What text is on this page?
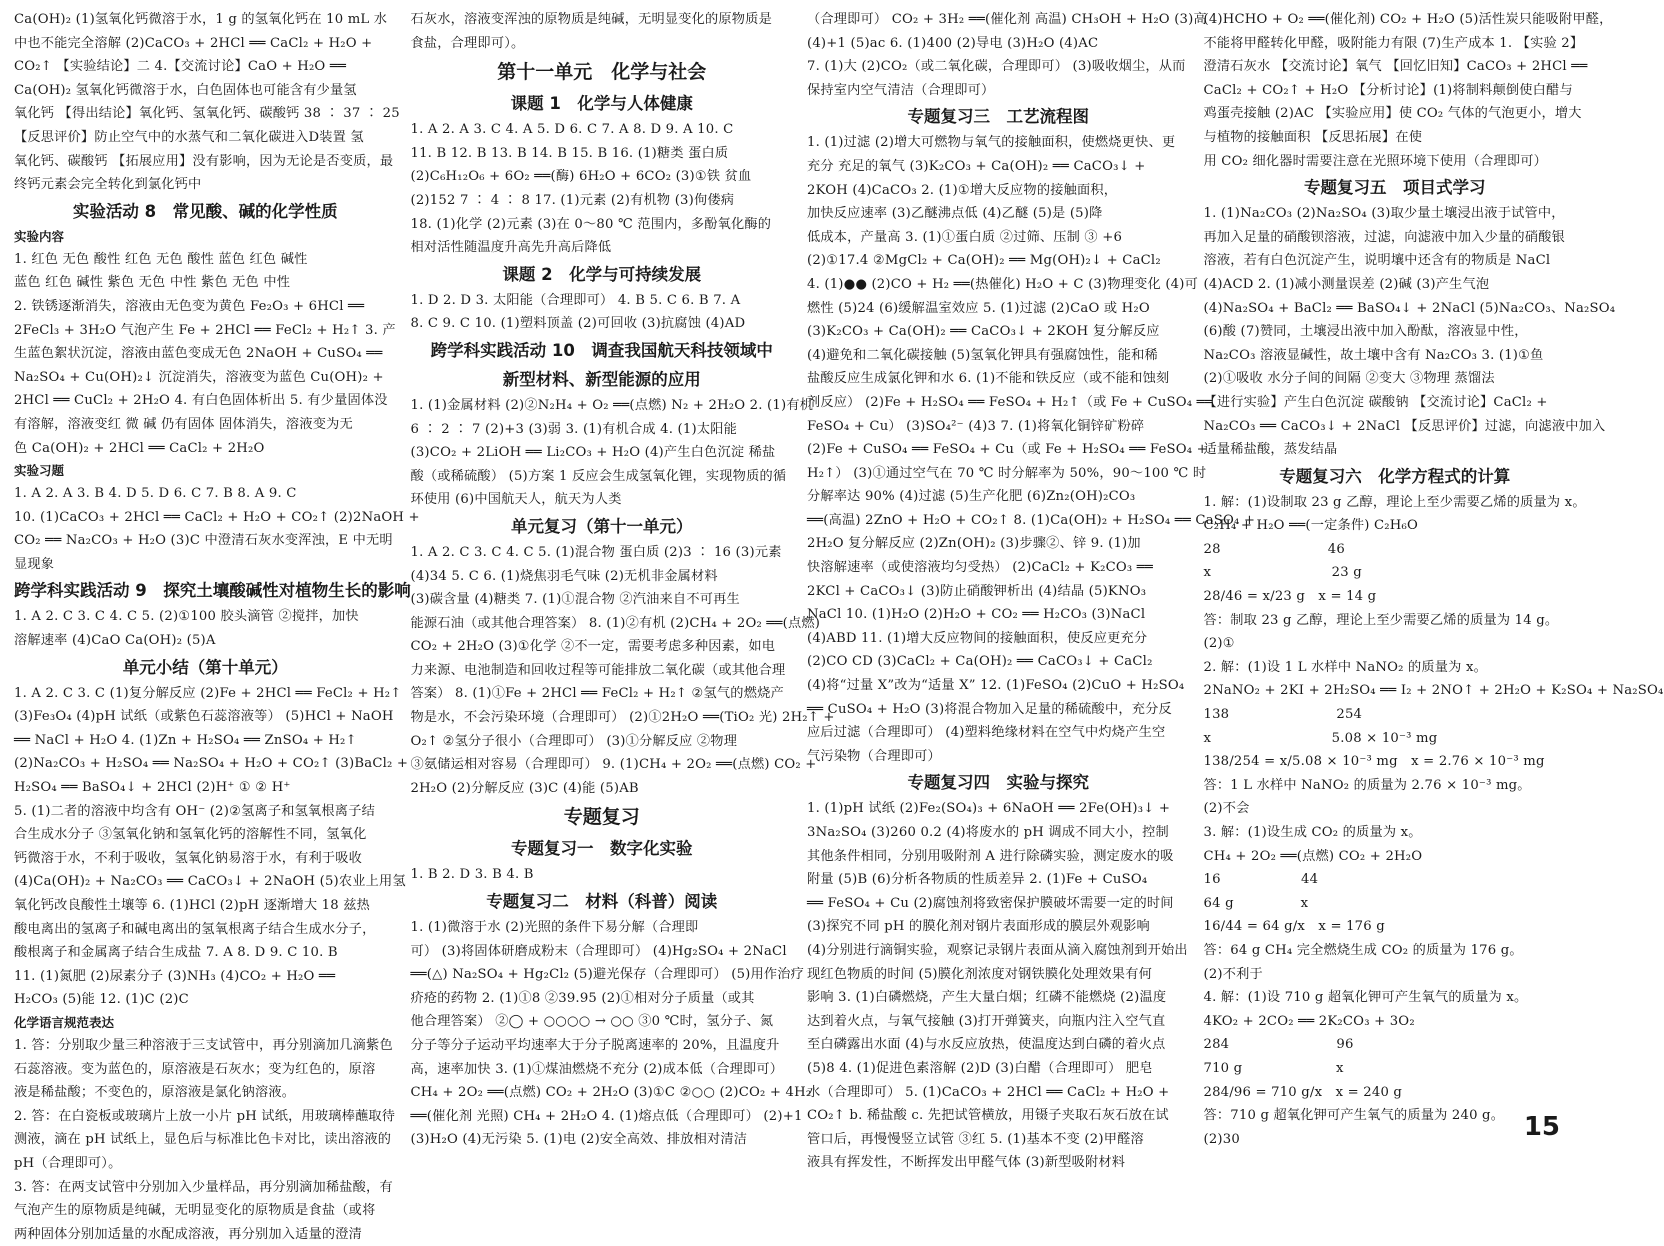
Ca(OH)₂ (1)氢氧化钙微溶于水，1 g 的氢氧化钙在 10 mL 水
中也不能完全溶解 (2)CaCO₃ + 2HCl ══ CaCl₂ + H₂O +
CO₂↑ 【实验结论】二 4.【交流讨论】CaO + H₂O ══
Ca(OH)₂ 氢氧化钙微溶于水，白色固体也可能含有少量氢
氧化钙 【得出结论】氧化钙、氢氧化钙、碳酸钙 38 ∶ 37 ∶ 25
【反思评价】防止空气中的水蒸气和二氧化碳进入D装置 氢
氧化钙、碳酸钙 【拓展应用】没有影响，因为无论是否变质，最
终钙元素会完全转化到氯化钙中
实验活动 8　常见酸、碱的化学性质
实验内容
1. 红色 无色 酸性 红色 无色 酸性 蓝色 红色 碱性
蓝色 红色 碱性 紫色 无色 中性 紫色 无色 中性
2. 铁锈逐渐消失，溶液由无色变为黄色 Fe₂O₃ + 6HCl ══
2FeCl₃ + 3H₂O 气泡产生 Fe + 2HCl ══ FeCl₂ + H₂↑ 3. 产
生蓝色絮状沉淀，溶液由蓝色变成无色 2NaOH + CuSO₄ ══
Na₂SO₄ + Cu(OH)₂↓ 沉淀消失，溶液变为蓝色 Cu(OH)₂ +
2HCl ══ CuCl₂ + 2H₂O 4. 有白色固体析出 5. 有少量固体没
有溶解，溶液变红 微 碱 仍有固体 固体消失，溶液变为无
色 Ca(OH)₂ + 2HCl ══ CaCl₂ + 2H₂O
实验习题
1. A 2. A 3. B 4. D 5. D 6. C 7. B 8. A 9. C
10. (1)CaCO₃ + 2HCl ══ CaCl₂ + H₂O + CO₂↑ (2)2NaOH +
CO₂ ══ Na₂CO₃ + H₂O (3)C 中澄清石灰水变浑浊，E 中无明
显现象
跨学科实践活动 9　探究土壤酸碱性对植物生长的影响
1. A 2. C 3. C 4. C 5. (2)①100 胶头滴管 ②搅拌，加快
溶解速率 (4)CaO Ca(OH)₂ (5)A
单元小结（第十单元）
1. A 2. C 3. C (1)复分解反应 (2)Fe + 2HCl ══ FeCl₂ + H₂↑
(3)Fe₃O₄ (4)pH 试纸（或紫色石蕊溶液等） (5)HCl + NaOH
══ NaCl + H₂O 4. (1)Zn + H₂SO₄ ══ ZnSO₄ + H₂↑
(2)Na₂CO₃ + H₂SO₄ ══ Na₂SO₄ + H₂O + CO₂↑ (3)BaCl₂ +
H₂SO₄ ══ BaSO₄↓ + 2HCl (2)H⁺ ① ② H⁺
5. (1)二者的溶液中均含有 OH⁻ (2)②氢离子和氢氧根离子结
合生成水分子 ③氢氧化钠和氢氧化钙的溶解性不同，氢氧化
钙微溶于水，不利于吸收，氢氧化钠易溶于水，有利于吸收
(4)Ca(OH)₂ + Na₂CO₃ ══ CaCO₃↓ + 2NaOH (5)农业上用氢
氧化钙改良酸性土壤等 6. (1)HCl (2)pH 逐渐增大 18 兹热
酸电离出的氢离子和碱电离出的氢氧根离子结合生成水分子，
酸根离子和金属离子结合生成盐 7. A 8. D 9. C 10. B
11. (1)氮肥 (2)尿素分子 (3)NH₃ (4)CO₂ + H₂O ══
H₂CO₃ (5)能 12. (1)C (2)C
化学语言规范表达
1. 答：分别取少量三种溶液于三支试管中，再分别滴加几滴紫色
石蕊溶液。变为蓝色的，原溶液是石灰水；变为红色的，原溶
液是稀盐酸；不变色的，原溶液是氯化钠溶液。
2. 答：在白瓷板或玻璃片上放一小片 pH 试纸，用玻璃棒蘸取待
测液，滴在 pH 试纸上，显色后与标准比色卡对比，读出溶液的
pH（合理即可）。
3. 答：在两支试管中分别加入少量样品，再分别滴加稀盐酸，有
气泡产生的原物质是纯碱，无明显变化的原物质是食盐（或将
两种固体分别加适量的水配成溶液，再分别加入适量的澄清
石灰水，溶液变浑浊的原物质是纯碱，无明显变化的原物质是
食盐，合理即可）。
第十一单元　化学与社会
课题 1　化学与人体健康
1. A 2. A 3. C 4. A 5. D 6. C 7. A 8. D 9. A 10. C
11. B 12. B 13. B 14. B 15. B 16. (1)糖类 蛋白质
(2)C₆H₁₂O₆ + 6O₂ ══(酶) 6H₂O + 6CO₂ (3)①铁 贫血
(2)152 7 ∶ 4 ∶ 8 17. (1)元素 (2)有机物 (3)佝偻病
18. (1)化学 (2)元素 (3)在 0～80 ℃ 范围内，多酚氧化酶的
相对活性随温度升高先升高后降低
课题 2　化学与可持续发展
1. D 2. D 3. 太阳能（合理即可） 4. B 5. C 6. B 7. A
8. C 9. C 10. (1)塑料顶盖 (2)可回收 (3)抗腐蚀 (4)AD
跨学科实践活动 10　调查我国航天科技领域中
新型材料、新型能源的应用
1. (1)金属材料 (2)②N₂H₄ + O₂ ══(点燃) N₂ + 2H₂O 2. (1)有机
6 ∶ 2 ∶ 7 (2)+3 (3)弱 3. (1)有机合成 4. (1)太阳能
(3)CO₂ + 2LiOH ══ Li₂CO₃ + H₂O (4)产生白色沉淀 稀盐
酸（或稀硫酸） (5)方案 1 反应会生成氢氧化锂，实现物质的循
环使用 (6)中国航天人，航天为人类
单元复习（第十一单元）
1. A 2. C 3. C 4. C 5. (1)混合物 蛋白质 (2)3 ∶ 16 (3)元素
(4)34 5. C 6. (1)烧焦羽毛气味 (2)无机非金属材料
(3)碳含量 (4)糖类 7. (1)①混合物 ②汽油来自不可再生
能源石油（或其他合理答案） 8. (1)②有机 (2)CH₄ + 2O₂ ══(点燃)
CO₂ + 2H₂O (3)①化学 ②不一定，需要考虑多种因素，如电
力来源、电池制造和回收过程等可能排放二氧化碳（或其他合理
答案） 8. (1)①Fe + 2HCl ══ FeCl₂ + H₂↑ ②氢气的燃烧产
物是水，不会污染环境（合理即可） (2)①2H₂O ══(TiO₂ 光) 2H₂↑ +
O₂↑ ②氢分子很小（合理即可） (3)①分解反应 ②物理
③氨储运相对容易（合理即可） 9. (1)CH₄ + 2O₂ ══(点燃) CO₂ +
2H₂O (2)分解反应 (3)C (4)能 (5)AB
专题复习
专题复习一　数字化实验
1. B 2. D 3. B 4. B
专题复习二　材料（科普）阅读
1. (1)微溶于水 (2)光照的条件下易分解（合理即
可） (3)将固体研磨成粉末（合理即可） (4)Hg₂SO₄ + 2NaCl
══(△) Na₂SO₄ + Hg₂Cl₂ (5)避光保存（合理即可） (5)用作治疗
疥疮的药物 2. (1)①8 ②39.95 (2)①相对分子质量（或其
他合理答案） ②◯ + ○○○○ → ○○ ③0 ℃时，氢分子、氮
分子等分子运动平均速率大于分子脱离速率的 20%，且温度升
高，速率加快 3. (1)①煤油燃烧不充分 (2)成本低（合理即可）
CH₄ + 2O₂ ══(点燃) CO₂ + 2H₂O (3)①C ②○○ (2)CO₂ + 4H₂
══(催化剂 光照) CH₄ + 2H₂O 4. (1)熔点低（合理即可） (2)+1
(3)H₂O (4)无污染 5. (1)电 (2)安全高效、排放相对清洁
（合理即可） CO₂ + 3H₂ ══(催化剂 高温) CH₃OH + H₂O (3)高
(4)+1 (5)ac 6. (1)400 (2)导电 (3)H₂O (4)AC
7. (1)大 (2)CO₂（或二氧化碳，合理即可） (3)吸收烟尘，从而
保持室内空气清洁（合理即可）
专题复习三　工艺流程图
1. (1)过滤 (2)增大可燃物与氧气的接触面积，使燃烧更快、更
充分 充足的氧气 (3)K₂CO₃ + Ca(OH)₂ ══ CaCO₃↓ +
2KOH (4)CaCO₃ 2. (1)①增大反应物的接触面积，
加快反应速率 (3)乙醚沸点低 (4)乙醚 (5)是 (5)降
低成本，产量高 3. (1)①蛋白质 ②过筛、压制 ③ +6
(2)①17.4 ②MgCl₂ + Ca(OH)₂ ══ Mg(OH)₂↓ + CaCl₂
4. (1)●● (2)CO + H₂ ══(热催化) H₂O + C (3)物理变化 (4)可
燃性 (5)24 (6)缓解温室效应 5. (1)过滤 (2)CaO 或 H₂O
(3)K₂CO₃ + Ca(OH)₂ ══ CaCO₃↓ + 2KOH 复分解反应
(4)避免和二氧化碳接触 (5)氢氧化钾具有强腐蚀性，能和稀
盐酸反应生成氯化钾和水 6. (1)不能和铁反应（或不能和蚀刻
剂反应） (2)Fe + H₂SO₄ ══ FeSO₄ + H₂↑（或 Fe + CuSO₄ ══
FeSO₄ + Cu） (3)SO₄²⁻ (4)3 7. (1)将氧化铜锌矿粉碎
(2)Fe + CuSO₄ ══ FeSO₄ + Cu（或 Fe + H₂SO₄ ══ FeSO₄ +
H₂↑） (3)①通过空气在 70 ℃ 时分解率为 50%，90～100 ℃ 时
分解率达 90% (4)过滤 (5)生产化肥 (6)Zn₂(OH)₂CO₃
══(高温) 2ZnO + H₂O + CO₂↑ 8. (1)Ca(OH)₂ + H₂SO₄ ══ CaSO₄ +
2H₂O 复分解反应 (2)Zn(OH)₂ (3)步骤②、锌 9. (1)加
快溶解速率（或使溶液均匀受热） (2)CaCl₂ + K₂CO₃ ══
2KCl + CaCO₃↓ (3)防止硝酸钾析出 (4)结晶 (5)KNO₃
NaCl 10. (1)H₂O (2)H₂O + CO₂ ══ H₂CO₃ (3)NaCl
(4)ABD 11. (1)增大反应物间的接触面积，使反应更充分
(2)CO CD (3)CaCl₂ + Ca(OH)₂ ══ CaCO₃↓ + CaCl₂
(4)将“过量 X”改为“适量 X” 12. (1)FeSO₄ (2)CuO + H₂SO₄
══ CuSO₄ + H₂O (3)将混合物加入足量的稀硫酸中，充分反
应后过滤（合理即可） (4)塑料绝缘材料在空气中灼烧产生空
气污染物（合理即可）
专题复习四　实验与探究
1. (1)pH 试纸 (2)Fe₂(SO₄)₃ + 6NaOH ══ 2Fe(OH)₃↓ +
3Na₂SO₄ (3)260 0.2 (4)将废水的 pH 调成不同大小，控制
其他条件相同，分别用吸附剂 A 进行除磷实验，测定废水的吸
附量 (5)B (6)分析各物质的性质差异 2. (1)Fe + CuSO₄
══ FeSO₄ + Cu (2)腐蚀剂将致密保护膜破坏需要一定的时间
(3)探究不同 pH 的膜化剂对钢片表面形成的膜层外观影响
(4)分别进行滴铜实验，观察记录钢片表面从滴入腐蚀剂到开始出
现红色物质的时间 (5)膜化剂浓度对钢铁膜化处理效果有何
影响 3. (1)白磷燃烧，产生大量白烟；红磷不能燃烧 (2)温度
达到着火点，与氧气接触 (3)打开弹簧夹，向瓶内注入空气直
至白磷露出水面 (4)与水反应放热，使温度达到白磷的着火点
(5)8 4. (1)促进色素溶解 (2)D (3)白醋（合理即可） 肥皂
水（合理即可） 5. (1)CaCO₃ + 2HCl ══ CaCl₂ + H₂O +
CO₂↑ b. 稀盐酸 c. 先把试管横放，用镊子夹取石灰石放在试
管口后，再慢慢竖立试管 ③红 5. (1)基本不变 (2)甲醛溶
液具有挥发性，不断挥发出甲醛气体 (3)新型吸附材料
(4)HCHO + O₂ ══(催化剂) CO₂ + H₂O (5)活性炭只能吸附甲醛，
不能将甲醛转化甲醛，吸附能力有限 (7)生产成本 1. 【实验 2】
澄清石灰水 【交流讨论】氧气 【回忆旧知】CaCO₃ + 2HCl ══
CaCl₂ + CO₂↑ + H₂O 【分析讨论】(1)将制料颠倒使白醋与
鸡蛋壳接触 (2)AC 【实验应用】使 CO₂ 气体的气泡更小，增大
与植物的接触面积 【反思拓展】在使
用 CO₂ 细化器时需要注意在光照环境下使用（合理即可）
专题复习五　项目式学习
1. (1)Na₂CO₃ (2)Na₂SO₄ (3)取少量土壤浸出液于试管中，
再加入足量的硝酸钡溶液，过滤，向滤液中加入少量的硝酸银
溶液，若有白色沉淀产生，说明壤中还含有的物质是 NaCl
(4)ACD 2. (1)减小测量误差 (2)碱 (3)产生气泡
(4)Na₂SO₄ + BaCl₂ ══ BaSO₄↓ + 2NaCl (5)Na₂CO₃、Na₂SO₄
(6)酸 (7)赞同，土壤浸出液中加入酚酞，溶液显中性，
Na₂CO₃ 溶液显碱性，故土壤中含有 Na₂CO₃ 3. (1)①鱼
(2)①吸收 水分子间的间隔 ②变大 ③物理 蒸馏法
【进行实验】产生白色沉淀 碳酸钠 【交流讨论】CaCl₂ +
Na₂CO₃ ══ CaCO₃↓ + 2NaCl 【反思评价】过滤，向滤液中加入
适量稀盐酸，蒸发结晶
专题复习六　化学方程式的计算
1. 解：(1)设制取 23 g 乙醇，理论上至少需要乙烯的质量为 x。
C₂H₄ + H₂O ══(一定条件) C₂H₆O
28　　　　　　　　46
x　　　　　　　　　23 g
28/46 = x/23 g　x = 14 g
答：制取 23 g 乙醇，理论上至少需要乙烯的质量为 14 g。
(2)①
2. 解：(1)设 1 L 水样中 NaNO₂ 的质量为 x。
2NaNO₂ + 2KI + 2H₂SO₄ ══ I₂ + 2NO↑ + 2H₂O + K₂SO₄ + Na₂SO₄
138　　　　　　　　254
x　　　　　　　　　5.08 × 10⁻³ mg
138/254 = x/5.08 × 10⁻³ mg　x = 2.76 × 10⁻³ mg
答：1 L 水样中 NaNO₂ 的质量为 2.76 × 10⁻³ mg。
(2)不会
3. 解：(1)设生成 CO₂ 的质量为 x。
CH₄ + 2O₂ ══(点燃) CO₂ + 2H₂O
16　　　　　　44
64 g　　　　　x
16/44 = 64 g/x　x = 176 g
答：64 g CH₄ 完全燃烧生成 CO₂ 的质量为 176 g。
(2)不利于
4. 解：(1)设 710 g 超氧化钾可产生氧气的质量为 x。
4KO₂ + 2CO₂ ══ 2K₂CO₃ + 3O₂
284　　　　　　　　96
710 g　　　　　　　x
284/96 = 710 g/x　x = 240 g
答：710 g 超氧化钾可产生氧气的质量为 240 g。
(2)30	15
